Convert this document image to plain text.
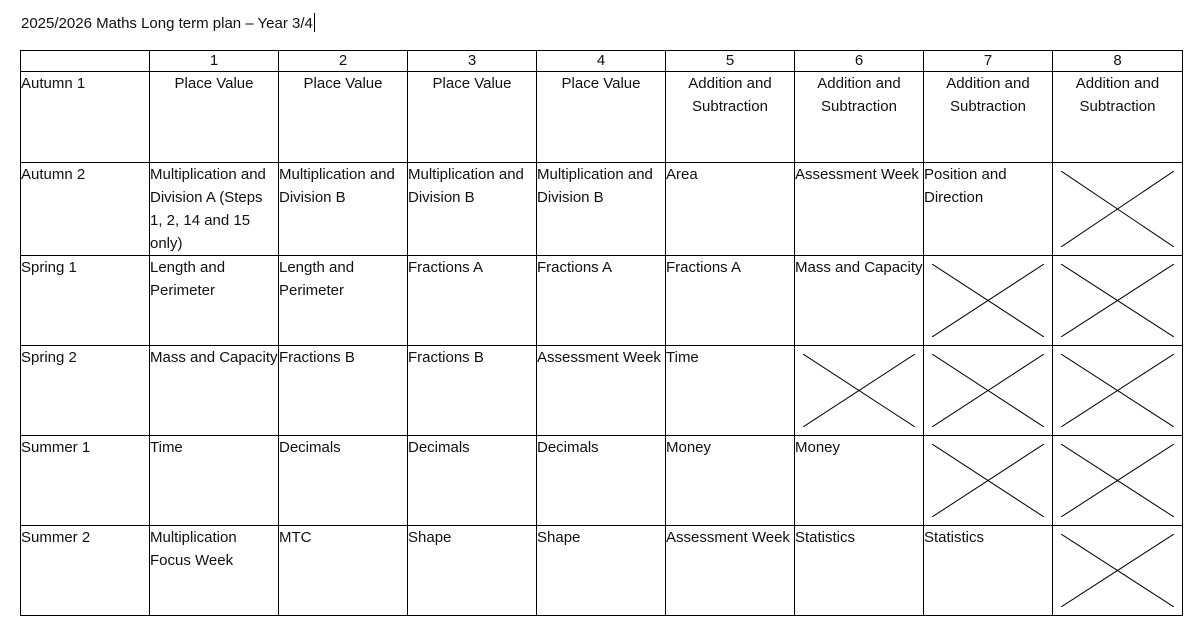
2025/2026 Maths Long term plan – Year 3/4
	1	2	3	4	5	6	7	8
Autumn 1	Place Value	Place Value	Place Value	Place Value	Addition and Subtraction	Addition and Subtraction	Addition and Subtraction	Addition and Subtraction
Autumn 2	Multiplication and Division A (Steps 1, 2, 14 and 15 only)	Multiplication and Division B	Multiplication and Division B	Multiplication and Division B	Area	Assessment Week	Position and Direction	

Spring 1	Length and Perimeter	Length and Perimeter	Fractions A	Fractions A	Fractions A	Mass and Capacity	

Spring 2	Mass and Capacity	Fractions B	Fractions B	Assessment Week	Time	

Summer 1	Time	Decimals	Decimals	Decimals	Money	Money	

Summer 2	Multiplication Focus Week	MTC	Shape	Shape	Assessment Week	Statistics	Statistics	
